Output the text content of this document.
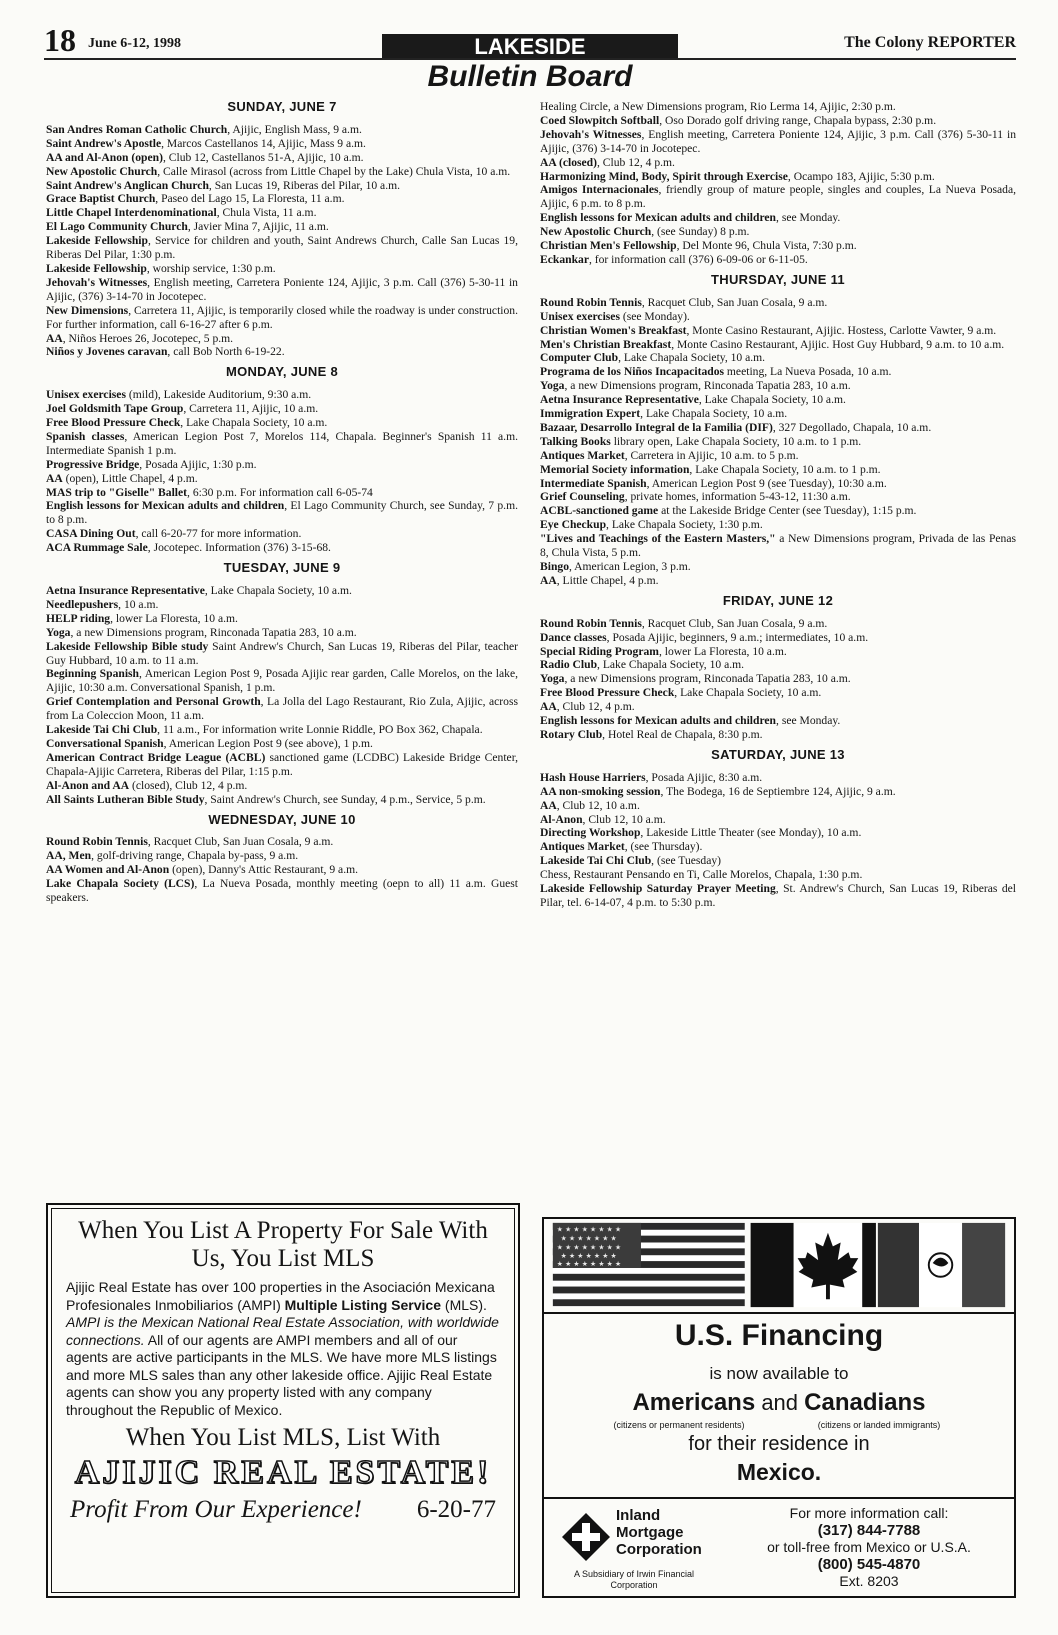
18 June 6-12, 1998	LAKESIDE	The Colony REPORTER
Bulletin Board
SUNDAY, JUNE 7

San Andres Roman Catholic Church, Ajijic, English Mass, 9 a.m.

Saint Andrew's Apostle, Marcos Castellanos 14, Ajijic, Mass 9 a.m.

AA and Al-Anon (open), Club 12, Castellanos 51-A, Ajijic, 10 a.m.

New Apostolic Church, Calle Mirasol (across from Little Chapel by the Lake) Chula Vista, 10 a.m.

Saint Andrew's Anglican Church, San Lucas 19, Riberas del Pilar, 10 a.m.

Grace Baptist Church, Paseo del Lago 15, La Floresta, 11 a.m.

Little Chapel Interdenominational, Chula Vista, 11 a.m.

El Lago Community Church, Javier Mina 7, Ajijic, 11 a.m.

Lakeside Fellowship, Service for children and youth, Saint Andrews Church, Calle San Lucas 19, Riberas Del Pilar, 1:30 p.m.

Lakeside Fellowship, worship service, 1:30 p.m.

Jehovah's Witnesses, English meeting, Carretera Poniente 124, Ajijic, 3 p.m. Call (376) 5-30-11 in Ajijic, (376) 3-14-70 in Jocotepec.

New Dimensions, Carretera 11, Ajijic, is temporarily closed while the roadway is under construction. For further information, call 6-16-27 after 6 p.m.

AA, Niños Heroes 26, Jocotepec, 5 p.m.

Niños y Jovenes caravan, call Bob North 6-19-22.

MONDAY, JUNE 8

Unisex exercises (mild), Lakeside Auditorium, 9:30 a.m.

Joel Goldsmith Tape Group, Carretera 11, Ajijic, 10 a.m.

Free Blood Pressure Check, Lake Chapala Society, 10 a.m.

Spanish classes, American Legion Post 7, Morelos 114, Chapala. Beginner's Spanish 11 a.m. Intermediate Spanish 1 p.m.

Progressive Bridge, Posada Ajijic, 1:30 p.m.

AA (open), Little Chapel, 4 p.m.

MAS trip to "Giselle" Ballet, 6:30 p.m. For information call 6-05-74

English lessons for Mexican adults and children, El Lago Community Church, see Sunday, 7 p.m. to 8 p.m.

CASA Dining Out, call 6-20-77 for more information.

ACA Rummage Sale, Jocotepec. Information (376) 3-15-68.

TUESDAY, JUNE 9

Aetna Insurance Representative, Lake Chapala Society, 10 a.m.

Needlepushers, 10 a.m.

HELP riding, lower La Floresta, 10 a.m.

Yoga, a new Dimensions program, Rinconada Tapatia 283, 10 a.m.

Lakeside Fellowship Bible study Saint Andrew's Church, San Lucas 19, Riberas del Pilar, teacher Guy Hubbard, 10 a.m. to 11 a.m.

Beginning Spanish, American Legion Post 9, Posada Ajijic rear garden, Calle Morelos, on the lake, Ajijic, 10:30 a.m. Conversational Spanish, 1 p.m.

Grief Contemplation and Personal Growth, La Jolla del Lago Restaurant, Rio Zula, Ajijic, across from La Coleccion Moon, 11 a.m.

Lakeside Tai Chi Club, 11 a.m., For information write Lonnie Riddle, PO Box 362, Chapala.

Conversational Spanish, American Legion Post 9 (see above), 1 p.m.

American Contract Bridge League (ACBL) sanctioned game (LCDBC) Lakeside Bridge Center, Chapala-Ajijic Carretera, Riberas del Pilar, 1:15 p.m.

Al-Anon and AA (closed), Club 12, 4 p.m.

All Saints Lutheran Bible Study, Saint Andrew's Church, see Sunday, 4 p.m., Service, 5 p.m.

WEDNESDAY, JUNE 10

Round Robin Tennis, Racquet Club, San Juan Cosala, 9 a.m.

AA, Men, golf-driving range, Chapala by-pass, 9 a.m.

AA Women and Al-Anon (open), Danny's Attic Restaurant, 9 a.m.

Lake Chapala Society (LCS), La Nueva Posada, monthly meeting (oepn to all) 11 a.m. Guest speakers.

Healing Circle, a New Dimensions program, Rio Lerma 14, Ajijic, 2:30 p.m.

Coed Slowpitch Softball, Oso Dorado golf driving range, Chapala bypass, 2:30 p.m.

Jehovah's Witnesses, English meeting, Carretera Poniente 124, Ajijic, 3 p.m. Call (376) 5-30-11 in Ajijic, (376) 3-14-70 in Jocotepec.

AA (closed), Club 12, 4 p.m.

Harmonizing Mind, Body, Spirit through Exercise, Ocampo 183, Ajijic, 5:30 p.m.

Amigos Internacionales, friendly group of mature people, singles and couples, La Nueva Posada, Ajijic, 6 p.m. to 8 p.m.

English lessons for Mexican adults and children, see Monday.

New Apostolic Church, (see Sunday) 8 p.m.

Christian Men's Fellowship, Del Monte 96, Chula Vista, 7:30 p.m.

Eckankar, for information call (376) 6-09-06 or 6-11-05.

THURSDAY, JUNE 11

Round Robin Tennis, Racquet Club, San Juan Cosala, 9 a.m.

Unisex exercises (see Monday).

Christian Women's Breakfast, Monte Casino Restaurant, Ajijic. Hostess, Carlotte Vawter, 9 a.m.

Men's Christian Breakfast, Monte Casino Restaurant, Ajijic. Host Guy Hubbard, 9 a.m. to 10 a.m.

Computer Club, Lake Chapala Society, 10 a.m.

Programa de los Niños Incapacitados meeting, La Nueva Posada, 10 a.m.

Yoga, a new Dimensions program, Rinconada Tapatia 283, 10 a.m.

Aetna Insurance Representative, Lake Chapala Society, 10 a.m.

Immigration Expert, Lake Chapala Society, 10 a.m.

Bazaar, Desarrollo Integral de la Familia (DIF), 327 Degollado, Chapala, 10 a.m.

Talking Books library open, Lake Chapala Society, 10 a.m. to 1 p.m.

Antiques Market, Carretera in Ajijic, 10 a.m. to 5 p.m.

Memorial Society information, Lake Chapala Society, 10 a.m. to 1 p.m.

Intermediate Spanish, American Legion Post 9 (see Tuesday), 10:30 a.m.

Grief Counseling, private homes, information 5-43-12, 11:30 a.m.

ACBL-sanctioned game at the Lakeside Bridge Center (see Tuesday), 1:15 p.m.

Eye Checkup, Lake Chapala Society, 1:30 p.m.

"Lives and Teachings of the Eastern Masters," a New Dimensions program, Privada de las Penas 8, Chula Vista, 5 p.m.

Bingo, American Legion, 3 p.m.

AA, Little Chapel, 4 p.m.

FRIDAY, JUNE 12

Round Robin Tennis, Racquet Club, San Juan Cosala, 9 a.m.

Dance classes, Posada Ajijic, beginners, 9 a.m.; intermediates, 10 a.m.

Special Riding Program, lower La Floresta, 10 a.m.

Radio Club, Lake Chapala Society, 10 a.m.

Yoga, a new Dimensions program, Rinconada Tapatia 283, 10 a.m.

Free Blood Pressure Check, Lake Chapala Society, 10 a.m.

AA, Club 12, 4 p.m.

English lessons for Mexican adults and children, see Monday.

Rotary Club, Hotel Real de Chapala, 8:30 p.m.

SATURDAY, JUNE 13

Hash House Harriers, Posada Ajijic, 8:30 a.m.

AA non-smoking session, The Bodega, 16 de Septiembre 124, Ajijic, 9 a.m.

AA, Club 12, 10 a.m.

Al-Anon, Club 12, 10 a.m.

Directing Workshop, Lakeside Little Theater (see Monday), 10 a.m.

Antiques Market, (see Thursday).

Lakeside Tai Chi Club, (see Tuesday)

Chess, Restaurant Pensando en Ti, Calle Morelos, Chapala, 1:30 p.m.

Lakeside Fellowship Saturday Prayer Meeting, St. Andrew's Church, San Lucas 19, Riberas del Pilar, tel. 6-14-07, 4 p.m. to 5:30 p.m.

When You List A Property For Sale With Us, You List MLS
Ajijic Real Estate has over 100 properties in the Asociación Mexicana Profesionales Inmobiliarios (AMPI) Multiple Listing Service (MLS). AMPI is the Mexican National Real Estate Association, with worldwide connections. All of our agents are AMPI members and all of our agents are active participants in the MLS. We have more MLS listings and more MLS sales than any other lakeside office. Ajijic Real Estate agents can show you any property listed with any company throughout the Republic of Mexico.
When You List MLS, List With
AJIJIC REAL ESTATE!
Profit From Our Experience! 6-20-77
★ ★ ★ ★ ★ ★ ★ ★
★ ★ ★ ★ ★ ★ ★
★ ★ ★ ★ ★ ★ ★ ★
★ ★ ★ ★ ★ ★ ★
★ ★ ★ ★ ★ ★ ★ ★
U.S. Financing
is now available to
Americans and Canadians
(citizens or permanent residents)	(citizens or landed immigrants)
for their residence in
Mexico.
Inland Mortgage Corporation
A Subsidiary of Irwin Financial Corporation
For more information call:
(317) 844-7788
or toll-free from Mexico or U.S.A.
(800) 545-4870
Ext. 8203
